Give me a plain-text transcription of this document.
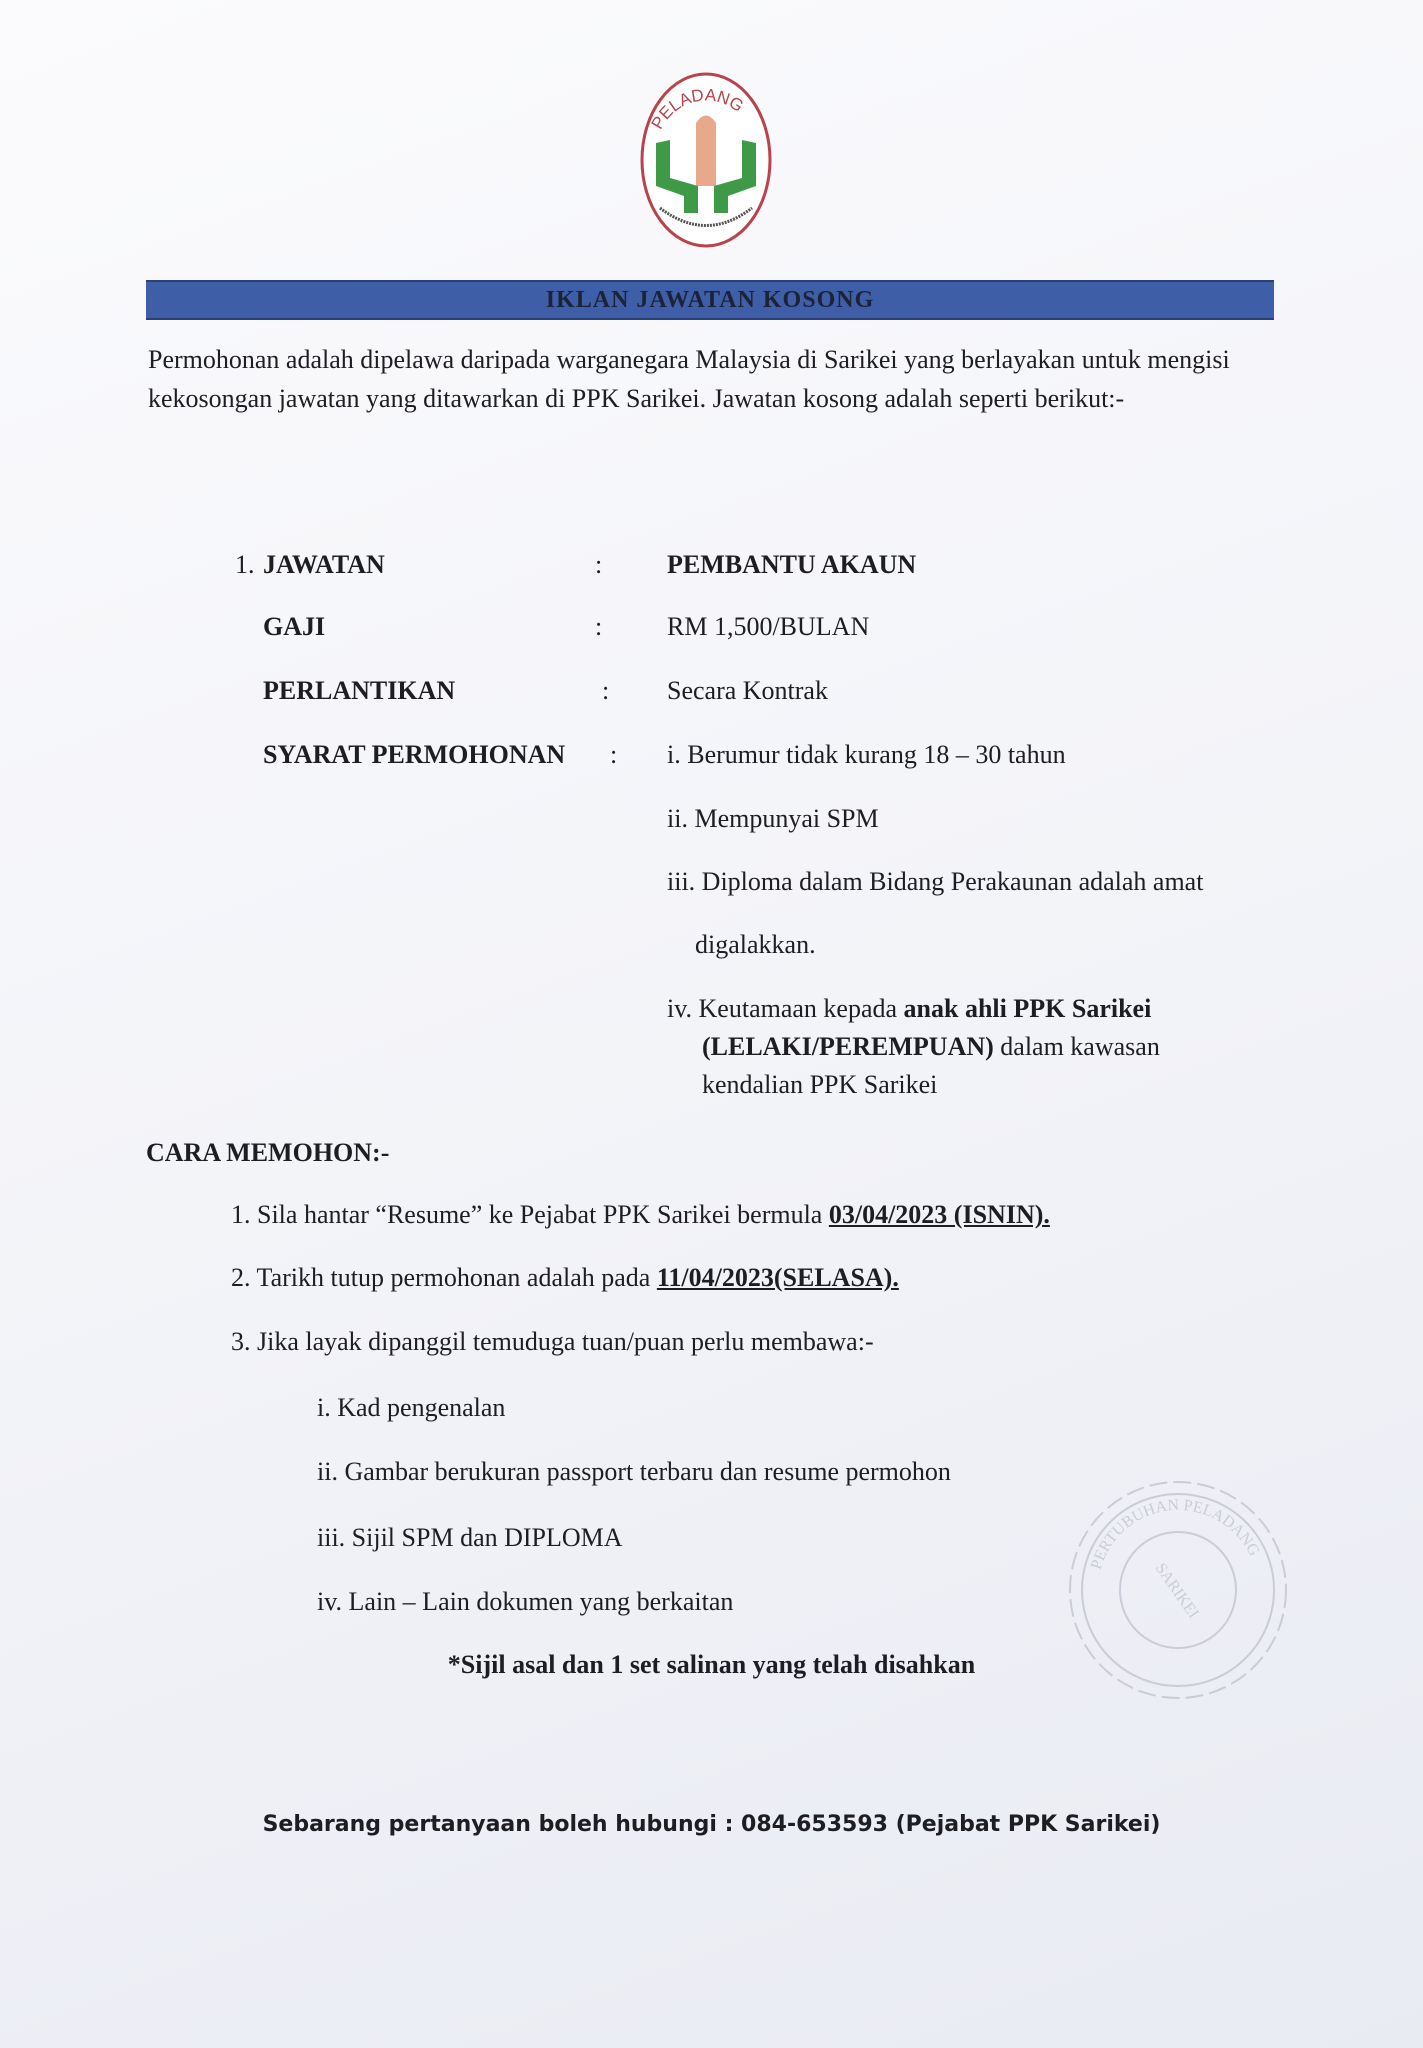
PELADANG
IKLAN JAWATAN KOSONG
Permohonan adalah dipelawa daripada warganegara Malaysia di Sarikei yang berlayakan untuk mengisi kekosongan jawatan yang ditawarkan di PPK Sarikei. Jawatan kosong adalah seperti berikut:-
1. JAWATAN	: PEMBANTU AKAUN
GAJI	: RM 1,500/BULAN
PERLANTIKAN	: Secara Kontrak
SYARAT PERMOHONAN : i. Berumur tidak kurang 18 – 30 tahun
ii. Mempunyai SPM
iii. Diploma dalam Bidang Perakaunan adalah amat
digalakkan.
iv. Keutamaan kepada anak ahli PPK Sarikei
(LELAKI/PEREMPUAN) dalam kawasan
kendalian PPK Sarikei
CARA MEMOHON:-
1. Sila hantar “Resume” ke Pejabat PPK Sarikei bermula 03/04/2023 (ISNIN).
2. Tarikh tutup permohonan adalah pada 11/04/2023(SELASA).
3. Jika layak dipanggil temuduga tuan/puan perlu membawa:-
i. Kad pengenalan
ii. Gambar berukuran passport terbaru dan resume permohon
iii. Sijil SPM dan DIPLOMA
iv. Lain – Lain dokumen yang berkaitan
*Sijil asal dan 1 set salinan yang telah disahkan
PERTUBUHAN PELADANG
SARIKEI
Sebarang pertanyaan boleh hubungi : 084-653593 (Pejabat PPK Sarikei)
